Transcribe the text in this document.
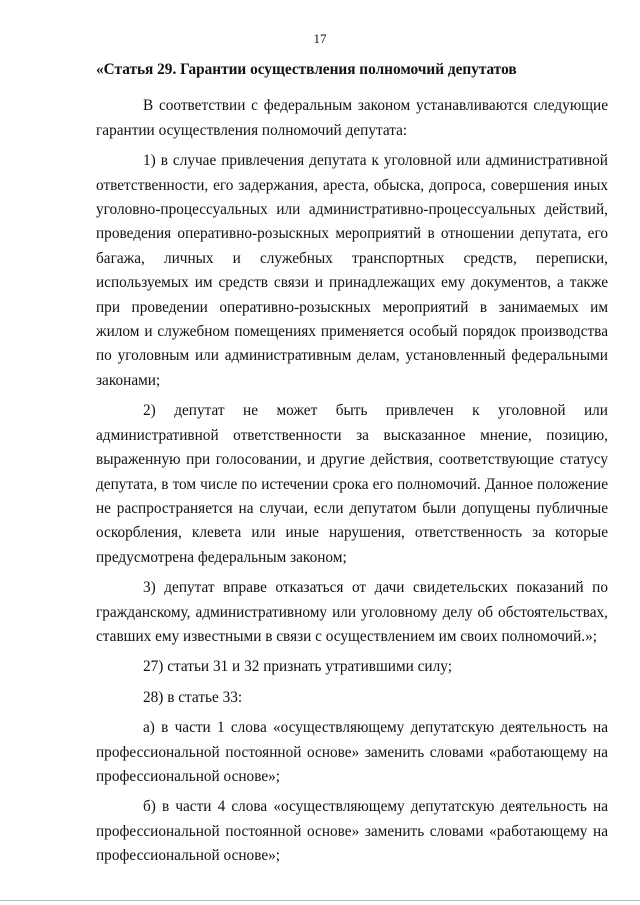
17
«Статья 29. Гарантии осуществления полномочий депутатов

В соответствии с федеральным законом устанавливаются следующие гарантии осуществления полномочий депутата:

1) в случае привлечения депутата к уголовной или административной ответственности, его задержания, ареста, обыска, допроса, совершения иных уголовно-процессуальных или административно-процессуальных действий, проведения оперативно-розыскных мероприятий в отношении депутата, его багажа, личных и служебных транспортных средств, переписки, используемых им средств связи и принадлежащих ему документов, а также при проведении оперативно-розыскных мероприятий в занимаемых им жилом и служебном помещениях применяется особый порядок производства по уголовным или административным делам, установленный федеральными законами;

2) депутат не может быть привлечен к уголовной или административной ответственности за высказанное мнение, позицию, выраженную при голосовании, и другие действия, соответствующие статусу депутата, в том числе по истечении срока его полномочий. Данное положение не распространяется на случаи, если депутатом были допущены публичные оскорбления, клевета или иные нарушения, ответственность за которые предусмотрена федеральным законом;

3) депутат вправе отказаться от дачи свидетельских показаний по гражданскому, административному или уголовному делу об обстоятельствах, ставших ему известными в связи с осуществлением им своих полномочий.»;

27) статьи 31 и 32 признать утратившими силу;

28) в статье 33:

а) в части 1 слова «осуществляющему депутатскую деятельность на профессиональной постоянной основе» заменить словами «работающему на профессиональной основе»;

б) в части 4 слова «осуществляющему депутатскую деятельность на профессиональной постоянной основе» заменить словами «работающему на профессиональной основе»;
